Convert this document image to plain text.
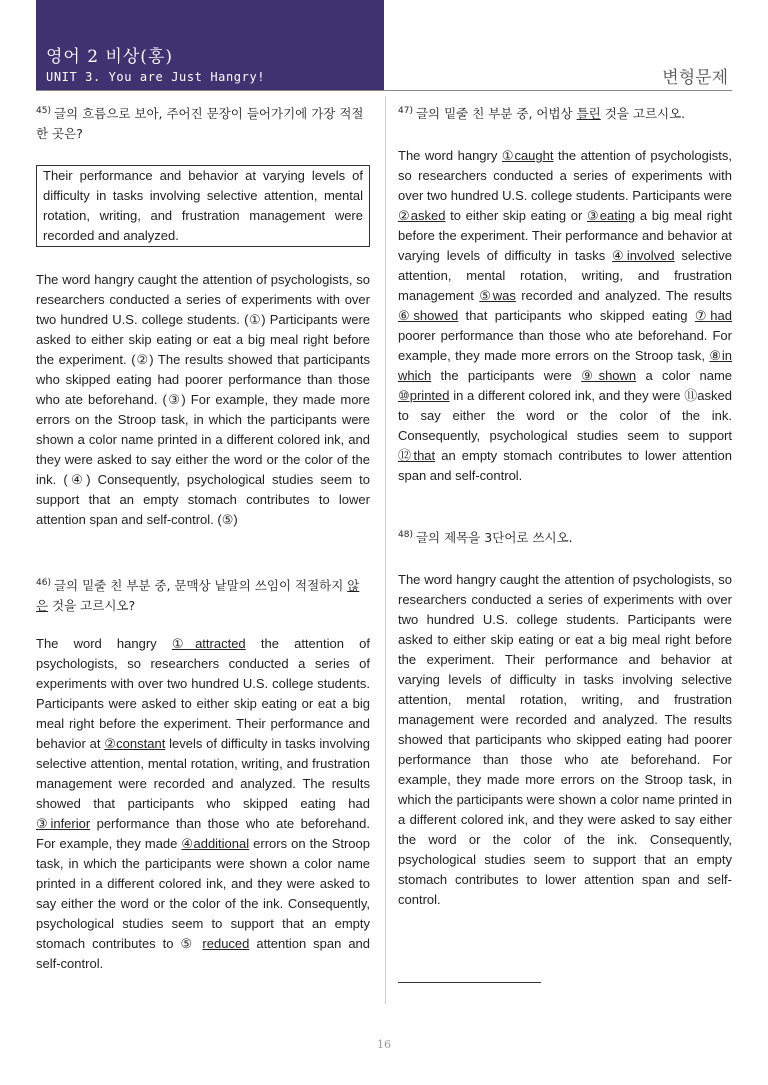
영어 2 비상(홍)
UNIT 3. You are Just Hangry!	변형문제

$^{45)}$ 글의 흐름으로 보아, 주어진 문장이 들어가기에 가장 적절한 곳은?

Their performance and behavior at varying levels of difficulty in tasks involving selective attention, mental rotation, writing, and frustration management were recorded and analyzed.

The word hangry caught the attention of psychologists, so researchers conducted a series of experiments with over two hundred U.S. college students. (①) Participants were asked to either skip eating or eat a big meal right before the experiment. (②) The results showed that participants who skipped eating had poorer performance than those who ate beforehand. (③) For example, they made more errors on the Stroop task, in which the participants were shown a color name printed in a different colored ink, and they were asked to say either the word or the color of the ink. (④) Consequently, psychological studies seem to support that an empty stomach contributes to lower attention span and self-control. (⑤)

$^{46)}$ 글의 밑줄 친 부분 중, 문맥상 낱말의 쓰임이 적절하지 않은 것을 고르시오?

The word hangry ①attracted the attention of psychologists, so researchers conducted a series of experiments with over two hundred U.S. college students. Participants were asked to either skip eating or eat a big meal right before the experiment. Their performance and behavior at ②constant levels of difficulty in tasks involving selective attention, mental rotation, writing, and frustration management were recorded and analyzed. The results showed that participants who skipped eating had ③inferior performance than those who ate beforehand. For example, they made ④additional errors on the Stroop task, in which the participants were shown a color name printed in a different colored ink, and they were asked to say either the word or the color of the ink. Consequently, psychological studies seem to support that an empty stomach contributes to ⑤ reduced attention span and self-control.

$^{47)}$ 글의 밑줄 친 부분 중, 어법상 틀린 것을 고르시오.

The word hangry ①caught the attention of psychologists, so researchers conducted a series of experiments with over two hundred U.S. college students. Participants were ②asked to either skip eating or ③eating a big meal right before the experiment. Their performance and behavior at varying levels of difficulty in tasks ④involved selective attention, mental rotation, writing, and frustration management ⑤was recorded and analyzed. The results ⑥showed that participants who skipped eating ⑦had poorer performance than those who ate beforehand. For example, they made more errors on the Stroop task, ⑧in which the participants were ⑨shown a color name ⑩printed in a different colored ink, and they were ⑪asked to say either the word or the color of the ink. Consequently, psychological studies seem to support ⑫that an empty stomach contributes to lower attention span and self-control.

$^{48)}$ 글의 제목을 3단어로 쓰시오.

The word hangry caught the attention of psychologists, so researchers conducted a series of experiments with over two hundred U.S. college students. Participants were asked to either skip eating or eat a big meal right before the experiment. Their performance and behavior at varying levels of difficulty in tasks involving selective attention, mental rotation, writing, and frustration management were recorded and analyzed. The results showed that participants who skipped eating had poorer performance than those who ate beforehand. For example, they made more errors on the Stroop task, in which the participants were shown a color name printed in a different colored ink, and they were asked to say either the word or the color of the ink. Consequently, psychological studies seem to support that an empty stomach contributes to lower attention span and self-control.

16
